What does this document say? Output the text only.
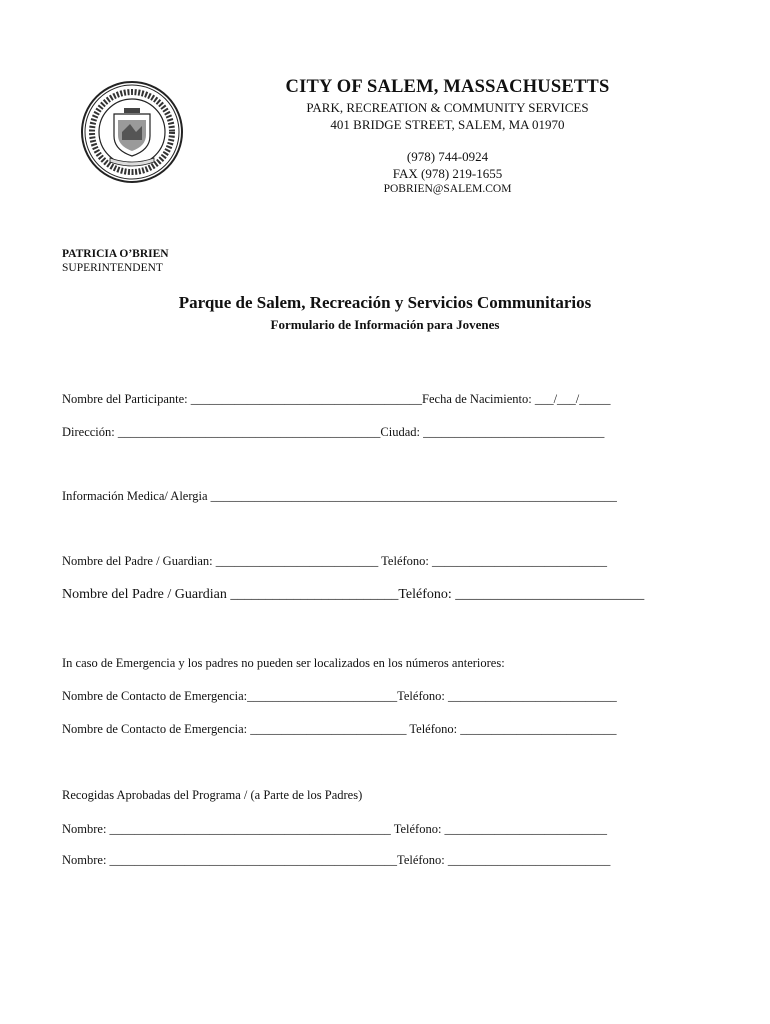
CITY OF SALEM, MASSACHUSETTS
PARK, RECREATION & COMMUNITY SERVICES
401 BRIDGE STREET, SALEM, MA 01970
(978) 744-0924
FAX (978) 219-1655
POBRIEN@SALEM.COM
PATRICIA O’BRIEN
SUPERINTENDENT
Parque de Salem, Recreación y Servicios Communitarios
Formulario de Información para Jovenes
Nombre del Participante: _____________________________________Fecha de Nacimiento: ___/___/_____
Dirección: __________________________________________Ciudad: _____________________________
Información Medica/ Alergia _________________________________________________________________
Nombre del Padre / Guardian: __________________________ Teléfono: ____________________________
Nombre del Padre / Guardian ________________________Teléfono: ___________________________
In caso de Emergencia y los padres no pueden ser localizados en los números anteriores:
Nombre de Contacto de Emergencia:________________________Teléfono: ___________________________
Nombre de Contacto de Emergencia: _________________________ Teléfono: _________________________
Recogidas Aprobadas del Programa / (a Parte de los Padres)
Nombre: _____________________________________________ Teléfono: __________________________
Nombre: ______________________________________________Teléfono: __________________________
